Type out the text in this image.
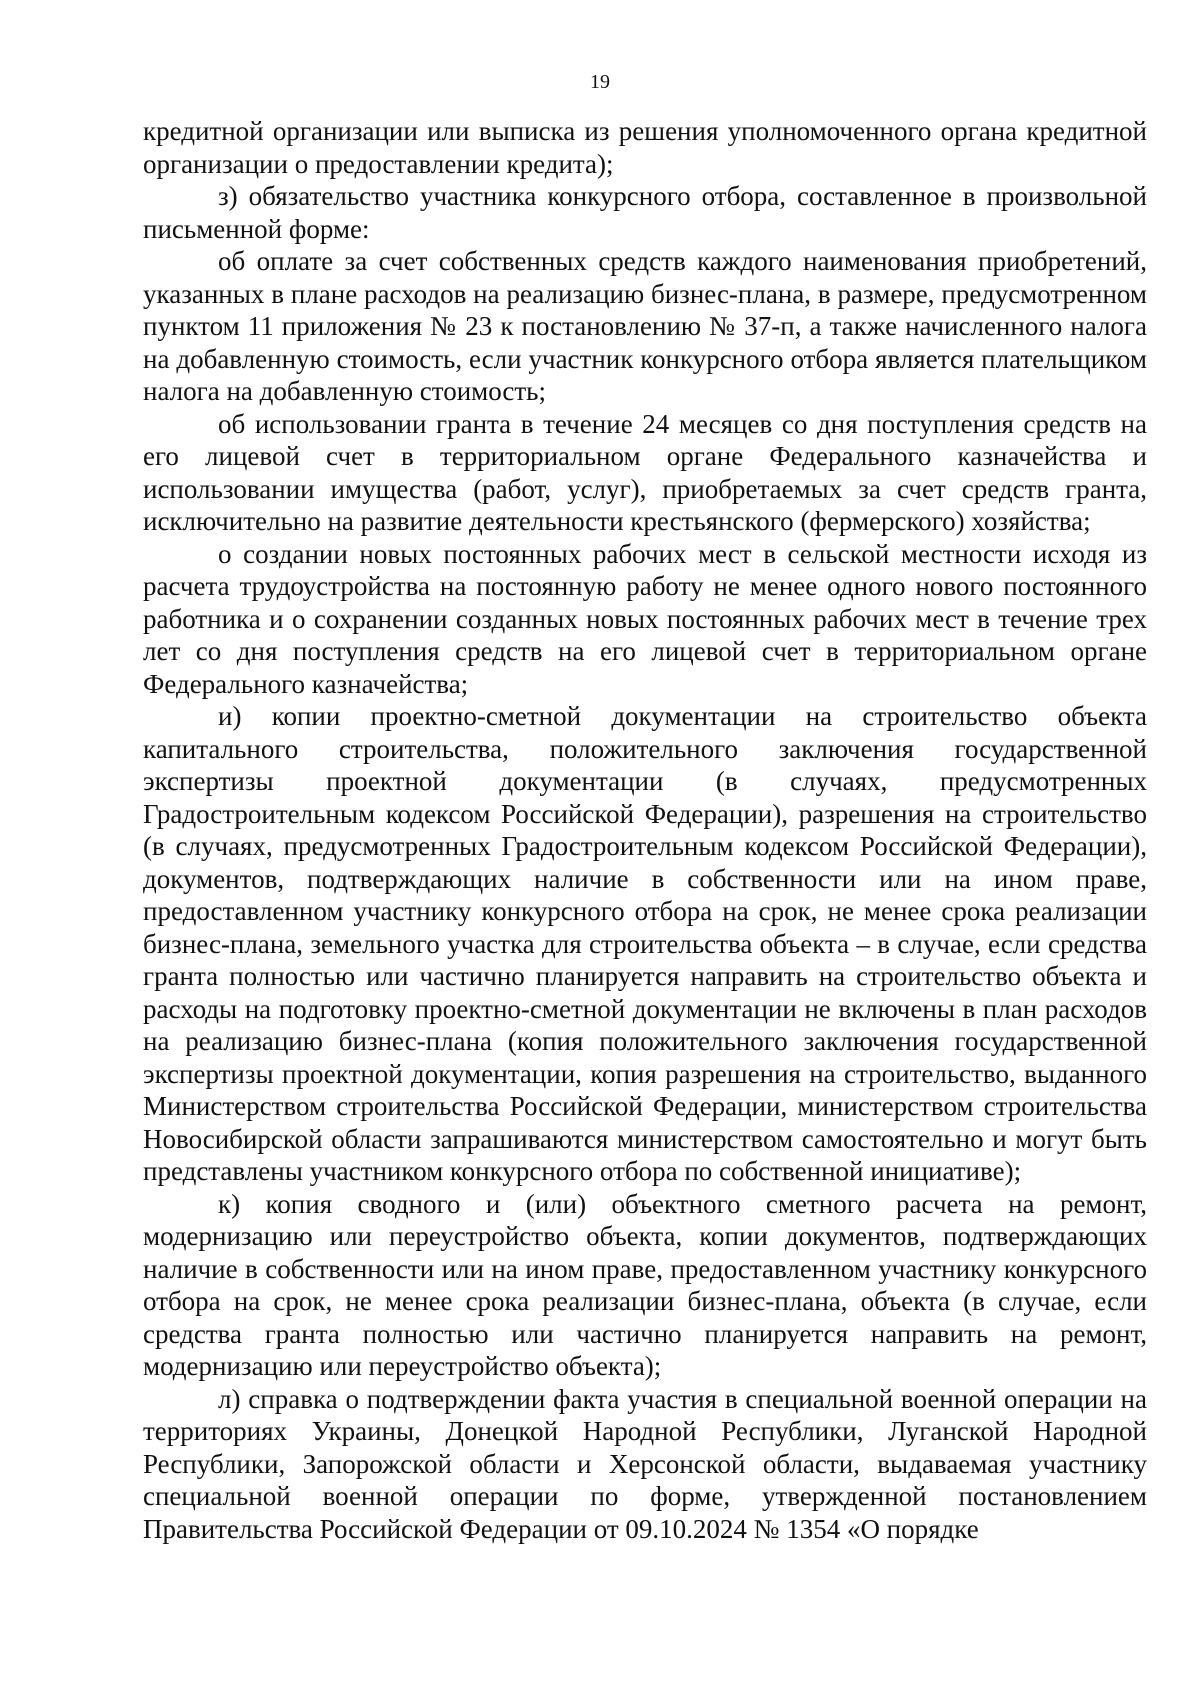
19

кредитной организации или выписка из решения уполномоченного органа кредитной организации о предоставлении кредита);

з) обязательство участника конкурсного отбора, составленное в произвольной письменной форме:

об оплате за счет собственных средств каждого наименования приобретений, указанных в плане расходов на реализацию бизнес-плана, в размере, предусмотренном пунктом 11 приложения № 23 к постановлению № 37-п, а также начисленного налога на добавленную стоимость, если участник конкурсного отбора является плательщиком налога на добавленную стоимость;

об использовании гранта в течение 24 месяцев со дня поступления средств на его лицевой счет в территориальном органе Федерального казначейства и использовании имущества (работ, услуг), приобретаемых за счет средств гранта, исключительно на развитие деятельности крестьянского (фермерского) хозяйства;

о создании новых постоянных рабочих мест в сельской местности исходя из расчета трудоустройства на постоянную работу не менее одного нового постоянного работника и о сохранении созданных новых постоянных рабочих мест в течение трех лет со дня поступления средств на его лицевой счет в территориальном органе Федерального казначейства;

и) копии проектно-сметной документации на строительство объекта капитального строительства, положительного заключения государственной экспертизы проектной документации (в случаях, предусмотренных Градостроительным кодексом Российской Федерации), разрешения на строительство (в случаях, предусмотренных Градостроительным кодексом Российской Федерации), документов, подтверждающих наличие в собственности или на ином праве, предоставленном участнику конкурсного отбора на срок, не менее срока реализации бизнес-плана, земельного участка для строительства объекта – в случае, если средства гранта полностью или частично планируется направить на строительство объекта и расходы на подготовку проектно-сметной документации не включены в план расходов на реализацию бизнес-плана (копия положительного заключения государственной экспертизы проектной документации, копия разрешения на строительство, выданного Министерством строительства Российской Федерации, министерством строительства Новосибирской области запрашиваются министерством самостоятельно и могут быть представлены участником конкурсного отбора по собственной инициативе);

к) копия сводного и (или) объектного сметного расчета на ремонт, модернизацию или переустройство объекта, копии документов, подтверждающих наличие в собственности или на ином праве, предоставленном участнику конкурсного отбора на срок, не менее срока реализации бизнес-плана, объекта (в случае, если средства гранта полностью или частично планируется направить на ремонт, модернизацию или переустройство объекта);

л) справка о подтверждении факта участия в специальной военной операции на территориях Украины, Донецкой Народной Республики, Луганской Народной Республики, Запорожской области и Херсонской области, выдаваемая участнику специальной военной операции по форме, утвержденной постановлением Правительства Российской Федерации от 09.10.2024 № 1354 «О порядке
